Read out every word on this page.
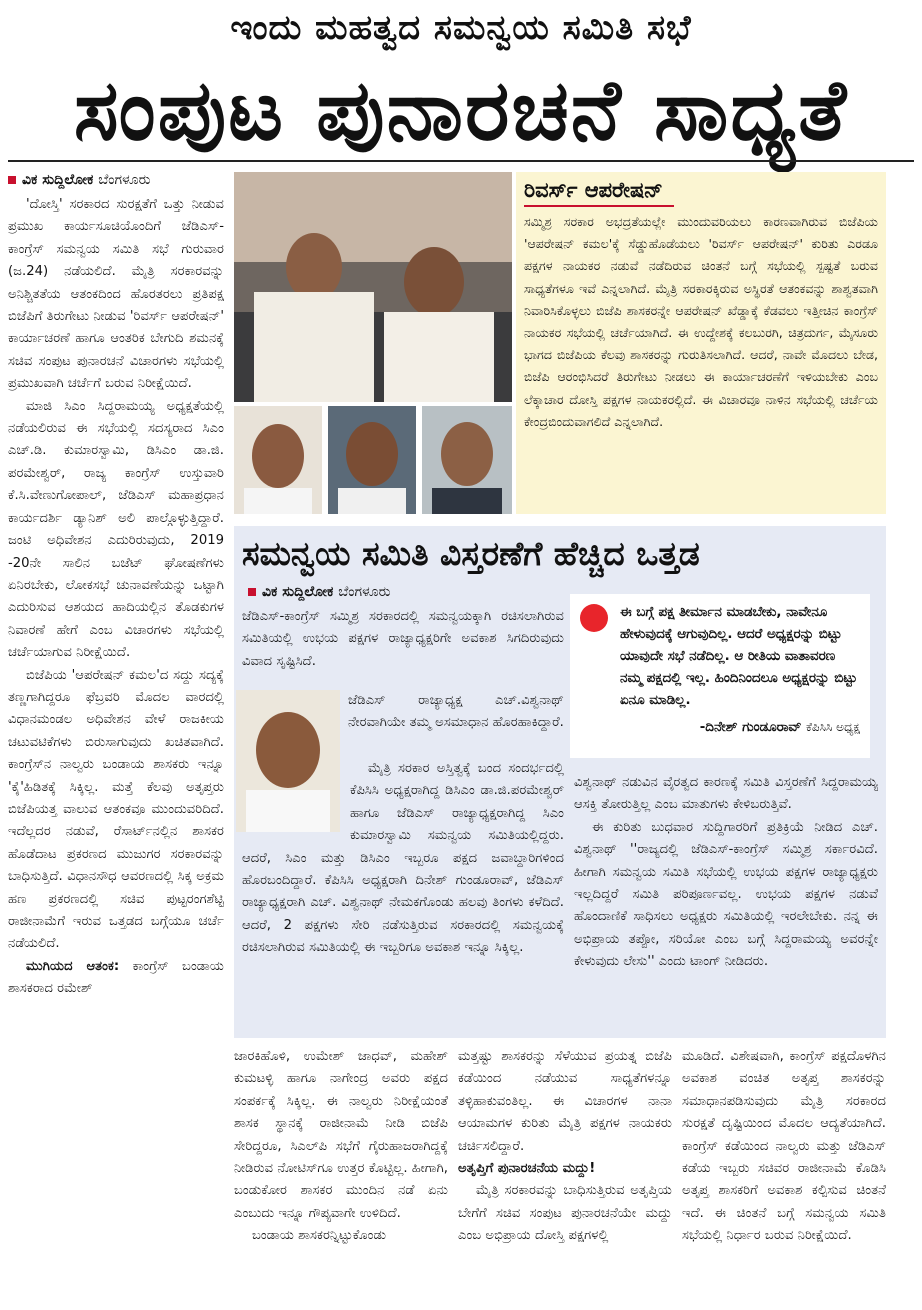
ಇಂದು ಮಹತ್ವದ ಸಮನ್ವಯ ಸಮಿತಿ ಸಭೆ
ಸಂಪುಟ ಪುನಾರಚನೆ ಸಾಧ್ಯತೆ
ವಿಕ ಸುದ್ದಿಲೋಕ ಬೆಂಗಳೂರು

'ದೋಸ್ತಿ' ಸರಕಾರದ ಸುರಕ್ಷತೆಗೆ ಒತ್ತು ನೀಡುವ ಪ್ರಮುಖ ಕಾರ್ಯಸೂಚಿಯೊಂದಿಗೆ ಜೆಡಿಎಸ್-ಕಾಂಗ್ರೆಸ್ ಸಮನ್ವಯ ಸಮಿತಿ ಸಭೆ ಗುರುವಾರ (ಜ.24) ನಡೆಯಲಿದೆ. ಮೈತ್ರಿ ಸರಕಾರವನ್ನು ಅನಿಶ್ಚಿತತೆಯ ಆತಂಕದಿಂದ ಹೊರತರಲು ಪ್ರತಿಪಕ್ಷ ಬಿಜೆಪಿಗೆ ತಿರುಗೇಟು ನೀಡುವ 'ರಿವರ್ಸ್ ಆಪರೇಷನ್' ಕಾರ್ಯಾಚರಣೆ ಹಾಗೂ ಆಂತರಿಕ ಬೇಗುದಿ ಶಮನಕ್ಕೆ ಸಚಿವ ಸಂಪುಟ ಪುನಾರಚನೆ ವಿಚಾರಗಳು ಸಭೆಯಲ್ಲಿ ಪ್ರಮುಖವಾಗಿ ಚರ್ಚೆಗೆ ಬರುವ ನಿರೀಕ್ಷೆಯಿದೆ.

ಮಾಜಿ ಸಿಎಂ ಸಿದ್ದರಾಮಯ್ಯ ಅಧ್ಯಕ್ಷತೆಯಲ್ಲಿ ನಡೆಯಲಿರುವ ಈ ಸಭೆಯಲ್ಲಿ ಸದಸ್ಯರಾದ ಸಿಎಂ ಎಚ್.ಡಿ. ಕುಮಾರಸ್ವಾಮಿ, ಡಿಸಿಎಂ ಡಾ.ಜಿ. ಪರಮೇಶ್ವರ್, ರಾಜ್ಯ ಕಾಂಗ್ರೆಸ್ ಉಸ್ತುವಾರಿ ಕೆ.ಸಿ.ವೇಣುಗೋಪಾಲ್, ಜೆಡಿಎಸ್ ಮಹಾಪ್ರಧಾನ ಕಾರ್ಯದರ್ಶಿ ಡ್ಯಾನಿಶ್ ಅಲಿ ಪಾಲ್ಗೊಳ್ಳುತ್ತಿದ್ದಾರೆ. ಜಂಟಿ ಅಧಿವೇಶನ ಎದುರಿರುವುದು, 2019 -20ನೇ ಸಾಲಿನ ಬಜೆಟ್ ಘೋಷಣೆಗಳು ಏನಿರಬೇಕು, ಲೋಕಸಭೆ ಚುನಾವಣೆಯನ್ನು ಒಟ್ಟಾಗಿ ಎದುರಿಸುವ ಆಶಯದ ಹಾದಿಯಲ್ಲಿನ ತೊಡಕುಗಳ ನಿವಾರಣೆ ಹೇಗೆ ಎಂಬ ವಿಚಾರಗಳು ಸಭೆಯಲ್ಲಿ ಚರ್ಚೆಯಾಗುವ ನಿರೀಕ್ಷೆಯಿದೆ.

ಬಿಜೆಪಿಯ 'ಆಪರೇಷನ್ ಕಮಲ'ದ ಸದ್ದು ಸದ್ಯಕ್ಕೆ ತಣ್ಣಗಾಗಿದ್ದರೂ ಫೆಬ್ರವರಿ ಮೊದಲ ವಾರದಲ್ಲಿ ವಿಧಾನಮಂಡಲ ಅಧಿವೇಶನ ವೇಳೆ ರಾಜಕೀಯ ಚಟುವಟಿಕೆಗಳು ಬಿರುಸಾಗುವುದು ಖಚಿತವಾಗಿದೆ. ಕಾಂಗ್ರೆಸ್‌ನ ನಾಲ್ವರು ಬಂಡಾಯ ಶಾಸಕರು ಇನ್ನೂ 'ಕೈ'ಹಿಡಿತಕ್ಕೆ ಸಿಕ್ಕಿಲ್ಲ. ಮತ್ತೆ ಕೆಲವು ಅತೃಪ್ತರು ಬಿಜೆಪಿಯತ್ತ ವಾಲುವ ಆತಂಕವೂ ಮುಂದುವರಿದಿದೆ. ಇದೆಲ್ಲದರ ನಡುವೆ, ರೆಸಾರ್ಟ್‌ನಲ್ಲಿನ ಶಾಸಕರ ಹೊಡೆದಾಟ ಪ್ರಕರಣದ ಮುಜುಗರ ಸರಕಾರವನ್ನು ಬಾಧಿಸುತ್ತಿದೆ. ವಿಧಾನಸೌಧ ಆವರಣದಲ್ಲಿ ಸಿಕ್ಕ ಅಕ್ರಮ ಹಣ ಪ್ರಕರಣದಲ್ಲಿ ಸಚಿವ ಪುಟ್ಟರಂಗಶೆಟ್ಟಿ ರಾಜೀನಾಮೆಗೆ ಇರುವ ಒತ್ತಡದ ಬಗ್ಗೆಯೂ ಚರ್ಚೆ ನಡೆಯಲಿದೆ.

ಮುಗಿಯದ ಆತಂಕ: ಕಾಂಗ್ರೆಸ್ ಬಂಡಾಯ ಶಾಸಕರಾದ ರಮೇಶ್

ರಿವರ್ಸ್ ಆಪರೇಷನ್

ಸಮ್ಮಿಶ್ರ ಸರಕಾರ ಅಭದ್ರತೆಯಲ್ಲೇ ಮುಂದುವರಿಯಲು ಕಾರಣವಾಗಿರುವ ಬಿಜೆಪಿಯ 'ಆಪರೇಷನ್ ಕಮಲ'ಕ್ಕೆ ಸೆಡ್ಡುಹೊಡೆಯಲು 'ರಿವರ್ಸ್ ಆಪರೇಷನ್' ಕುರಿತು ಎರಡೂ ಪಕ್ಷಗಳ ನಾಯಕರ ನಡುವೆ ನಡೆದಿರುವ ಚಿಂತನೆ ಬಗ್ಗೆ ಸಭೆಯಲ್ಲಿ ಸ್ಪಷ್ಟತೆ ಬರುವ ಸಾಧ್ಯತೆಗಳೂ ಇವೆ ಎನ್ನಲಾಗಿದೆ. ಮೈತ್ರಿ ಸರಕಾರಕ್ಕಿರುವ ಅಸ್ಥಿರತೆ ಆತಂಕವನ್ನು ಶಾಶ್ವತವಾಗಿ ನಿವಾರಿಸಿಕೊಳ್ಳಲು ಬಿಜೆಪಿ ಶಾಸಕರನ್ನೇ ಆಪರೇಷನ್ ಖೆಡ್ಡಾಕ್ಕೆ ಕೆಡವಲು ಇತ್ತೀಚಿನ ಕಾಂಗ್ರೆಸ್ ನಾಯಕರ ಸಭೆಯಲ್ಲಿ ಚರ್ಚೆಯಾಗಿದೆ. ಈ ಉದ್ದೇಶಕ್ಕೆ ಕಲಬುರಗಿ, ಚಿತ್ರದುರ್ಗ, ಮೈಸೂರು ಭಾಗದ ಬಿಜೆಪಿಯ ಕೆಲವು ಶಾಸಕರನ್ನು ಗುರುತಿಸಲಾಗಿದೆ. ಆದರೆ, ನಾವೇ ಮೊದಲು ಬೇಡ, ಬಿಜೆಪಿ ಆರಂಭಿಸಿದರೆ ತಿರುಗೇಟು ನೀಡಲು ಈ ಕಾರ್ಯಾಚರಣೆಗೆ ಇಳಿಯಬೇಕು ಎಂಬ ಲೆಕ್ಕಾಚಾರ ದೋಸ್ತಿ ಪಕ್ಷಗಳ ನಾಯಕರಲ್ಲಿದೆ. ಈ ವಿಚಾರವೂ ನಾಳಿನ ಸಭೆಯಲ್ಲಿ ಚರ್ಚೆಯ ಕೇಂದ್ರಬಿಂದುವಾಗಲಿದೆ ಎನ್ನಲಾಗಿದೆ.

ಸಮನ್ವಯ ಸಮಿತಿ ವಿಸ್ತರಣೆಗೆ ಹೆಚ್ಚಿದ ಒತ್ತಡ
ವಿಕ ಸುದ್ದಿಲೋಕ ಬೆಂಗಳೂರು

ಜೆಡಿಎಸ್-ಕಾಂಗ್ರೆಸ್ ಸಮ್ಮಿಶ್ರ ಸರಕಾರದಲ್ಲಿ ಸಮನ್ವಯಕ್ಕಾಗಿ ರಚಿಸಲಾಗಿರುವ ಸಮಿತಿಯಲ್ಲಿ ಉಭಯ ಪಕ್ಷಗಳ ರಾಜ್ಯಾಧ್ಯಕ್ಷರಿಗೇ ಅವಕಾಶ ಸಿಗದಿರುವುದು ವಿವಾದ ಸೃಷ್ಟಿಸಿದೆ.

ಜೆಡಿಎಸ್ ರಾಜ್ಯಾಧ್ಯಕ್ಷ ಎಚ್.ವಿಶ್ವನಾಥ್ ನೇರವಾಗಿಯೇ ತಮ್ಮ ಅಸಮಾಧಾನ ಹೊರಹಾಕಿದ್ದಾರೆ.

ಮೈತ್ರಿ ಸರಕಾರ ಅಸ್ತಿತ್ವಕ್ಕೆ ಬಂದ ಸಂದರ್ಭದಲ್ಲಿ ಕೆಪಿಸಿಸಿ ಅಧ್ಯಕ್ಷರಾಗಿದ್ದ ಡಿಸಿಎಂ ಡಾ.ಜಿ.ಪರಮೇಶ್ವರ್ ಹಾಗೂ ಜೆಡಿಎಸ್ ರಾಜ್ಯಾಧ್ಯಕ್ಷರಾಗಿದ್ದ ಸಿಎಂ ಕುಮಾರಸ್ವಾಮಿ ಸಮನ್ವಯ ಸಮಿತಿಯಲ್ಲಿದ್ದರು. ಆದರೆ, ಸಿಎಂ ಮತ್ತು ಡಿಸಿಎಂ ಇಬ್ಬರೂ ಪಕ್ಷದ ಜವಾಬ್ದಾರಿಗಳಿಂದ ಹೊರಬಂದಿದ್ದಾರೆ. ಕೆಪಿಸಿಸಿ ಅಧ್ಯಕ್ಷರಾಗಿ ದಿನೇಶ್ ಗುಂಡೂರಾವ್, ಜೆಡಿಎಸ್ ರಾಜ್ಯಾಧ್ಯಕ್ಷರಾಗಿ ಎಚ್. ವಿಶ್ವನಾಥ್ ನೇಮಕಗೊಂಡು ಹಲವು ತಿಂಗಳು ಕಳೆದಿದೆ. ಆದರೆ, 2 ಪಕ್ಷಗಳು ಸೇರಿ ನಡೆಸುತ್ತಿರುವ ಸರಕಾರದಲ್ಲಿ ಸಮನ್ವಯಕ್ಕೆ ರಚಿಸಲಾಗಿರುವ ಸಮಿತಿಯಲ್ಲಿ ಈ ಇಬ್ಬರಿಗೂ ಅವಕಾಶ ಇನ್ನೂ ಸಿಕ್ಕಿಲ್ಲ.

ಈ ಬಗ್ಗೆ ಪಕ್ಷ ತೀರ್ಮಾನ ಮಾಡಬೇಕು, ನಾವೇನೂ ಹೇಳುವುದಕ್ಕೆ ಆಗುವುದಿಲ್ಲ. ಆದರೆ ಅಧ್ಯಕ್ಷರನ್ನು ಬಿಟ್ಟು ಯಾವುದೇ ಸಭೆ ನಡೆದಿಲ್ಲ. ಆ ರೀತಿಯ ವಾತಾವರಣ ನಮ್ಮ ಪಕ್ಷದಲ್ಲಿ ಇಲ್ಲ. ಹಿಂದಿನಿಂದಲೂ ಅಧ್ಯಕ್ಷರನ್ನು ಬಿಟ್ಟು ಏನೂ ಮಾಡಿಲ್ಲ.
-ದಿನೇಶ್ ಗುಂಡೂರಾವ್ ಕೆಪಿಸಿಸಿ ಅಧ್ಯಕ್ಷ

ವಿಶ್ವನಾಥ್ ನಡುವಿನ ವೈರತ್ವದ ಕಾರಣಕ್ಕೆ ಸಮಿತಿ ವಿಸ್ತರಣೆಗೆ ಸಿದ್ದರಾಮಯ್ಯ ಆಸಕ್ತಿ ತೋರುತ್ತಿಲ್ಲ ಎಂಬ ಮಾತುಗಳು ಕೇಳಿಬರುತ್ತಿವೆ.

ಈ ಕುರಿತು ಬುಧವಾರ ಸುದ್ದಿಗಾರರಿಗೆ ಪ್ರತಿಕ್ರಿಯೆ ನೀಡಿದ ಎಚ್. ವಿಶ್ವನಾಥ್ ''ರಾಜ್ಯದಲ್ಲಿ ಜೆಡಿಎಸ್-ಕಾಂಗ್ರೆಸ್ ಸಮ್ಮಿಶ್ರ ಸರ್ಕಾರವಿದೆ. ಹೀಗಾಗಿ ಸಮನ್ವಯ ಸಮಿತಿ ಸಭೆಯಲ್ಲಿ ಉಭಯ ಪಕ್ಷಗಳ ರಾಜ್ಯಾಧ್ಯಕ್ಷರು ಇಲ್ಲದಿದ್ದರೆ ಸಮಿತಿ ಪರಿಪೂರ್ಣವಲ್ಲ. ಉಭಯ ಪಕ್ಷಗಳ ನಡುವೆ ಹೊಂದಾಣಿಕೆ ಸಾಧಿಸಲು ಅಧ್ಯಕ್ಷರು ಸಮಿತಿಯಲ್ಲಿ ಇರಲೇಬೇಕು. ನನ್ನ ಈ ಅಭಿಪ್ರಾಯ ತಪ್ಪೋ, ಸರಿಯೋ ಎಂಬ ಬಗ್ಗೆ ಸಿದ್ದರಾಮಯ್ಯ ಅವರನ್ನೇ ಕೇಳುವುದು ಲೇಸು'' ಎಂದು ಟಾಂಗ್ ನೀಡಿದರು.

ಜಾರಕಿಹೊಳಿ, ಉಮೇಶ್ ಜಾಧವ್, ಮಹೇಶ್ ಕುಮಟಳ್ಳಿ ಹಾಗೂ ನಾಗೇಂದ್ರ ಅವರು ಪಕ್ಷದ ಸಂಪರ್ಕಕ್ಕೆ ಸಿಕ್ಕಿಲ್ಲ. ಈ ನಾಲ್ವರು ನಿರೀಕ್ಷೆಯಂತೆ ಶಾಸಕ ಸ್ಥಾನಕ್ಕೆ ರಾಜೀನಾಮೆ ನೀಡಿ ಬಿಜೆಪಿ ಸೇರಿದ್ದರೂ, ಸಿಎಲ್‌ಪಿ ಸಭೆಗೆ ಗೈರುಹಾಜರಾಗಿದ್ದಕ್ಕೆ ನೀಡಿರುವ ನೋಟಿಸ್‌ಗೂ ಉತ್ತರ ಕೊಟ್ಟಿಲ್ಲ. ಹೀಗಾಗಿ, ಬಂಡುಕೋರ ಶಾಸಕರ ಮುಂದಿನ ನಡೆ ಏನು ಎಂಬುದು ಇನ್ನೂ ಗೌಪ್ಯವಾಗೇ ಉಳಿದಿದೆ.

ಬಂಡಾಯ ಶಾಸಕರನ್ನಿಟ್ಟುಕೊಂಡು

ಮತ್ತಷ್ಟು ಶಾಸಕರನ್ನು ಸೆಳೆಯುವ ಪ್ರಯತ್ನ ಬಿಜೆಪಿ ಕಡೆಯಿಂದ ನಡೆಯುವ ಸಾಧ್ಯತೆಗಳನ್ನೂ ತಳ್ಳಿಹಾಕುವಂತಿಲ್ಲ. ಈ ವಿಚಾರಗಳ ನಾನಾ ಆಯಾಮಗಳ ಕುರಿತು ಮೈತ್ರಿ ಪಕ್ಷಗಳ ನಾಯಕರು ಚರ್ಚಿಸಲಿದ್ದಾರೆ.

ಅತೃಪ್ತಿಗೆ ಪುನಾರಚನೆಯ ಮದ್ದು!

ಮೈತ್ರಿ ಸರಕಾರವನ್ನು ಬಾಧಿಸುತ್ತಿರುವ ಅತೃಪ್ತಿಯ ಬೇಗೆಗೆ ಸಚಿವ ಸಂಪುಟ ಪುನಾರಚನೆಯೇ ಮದ್ದು ಎಂಬ ಅಭಿಪ್ರಾಯ ದೋಸ್ತಿ ಪಕ್ಷಗಳಲ್ಲಿ

ಮೂಡಿದೆ. ವಿಶೇಷವಾಗಿ, ಕಾಂಗ್ರೆಸ್ ಪಕ್ಷದೊಳಗಿನ ಅವಕಾಶ ವಂಚಿತ ಅತೃಪ್ತ ಶಾಸಕರನ್ನು ಸಮಾಧಾನಪಡಿಸುವುದು ಮೈತ್ರಿ ಸರಕಾರದ ಸುರಕ್ಷತೆ ದೃಷ್ಟಿಯಿಂದ ಮೊದಲ ಆದ್ಯತೆಯಾಗಿದೆ. ಕಾಂಗ್ರೆಸ್ ಕಡೆಯಿಂದ ನಾಲ್ವರು ಮತ್ತು ಜೆಡಿಎಸ್ ಕಡೆಯ ಇಬ್ಬರು ಸಚಿವರ ರಾಜೀನಾಮೆ ಕೊಡಿಸಿ ಅತೃಪ್ತ ಶಾಸಕರಿಗೆ ಅವಕಾಶ ಕಲ್ಪಿಸುವ ಚಿಂತನೆ ಇದೆ. ಈ ಚಿಂತನೆ ಬಗ್ಗೆ ಸಮನ್ವಯ ಸಮಿತಿ ಸಭೆಯಲ್ಲಿ ನಿರ್ಧಾರ ಬರುವ ನಿರೀಕ್ಷೆಯಿದೆ.
